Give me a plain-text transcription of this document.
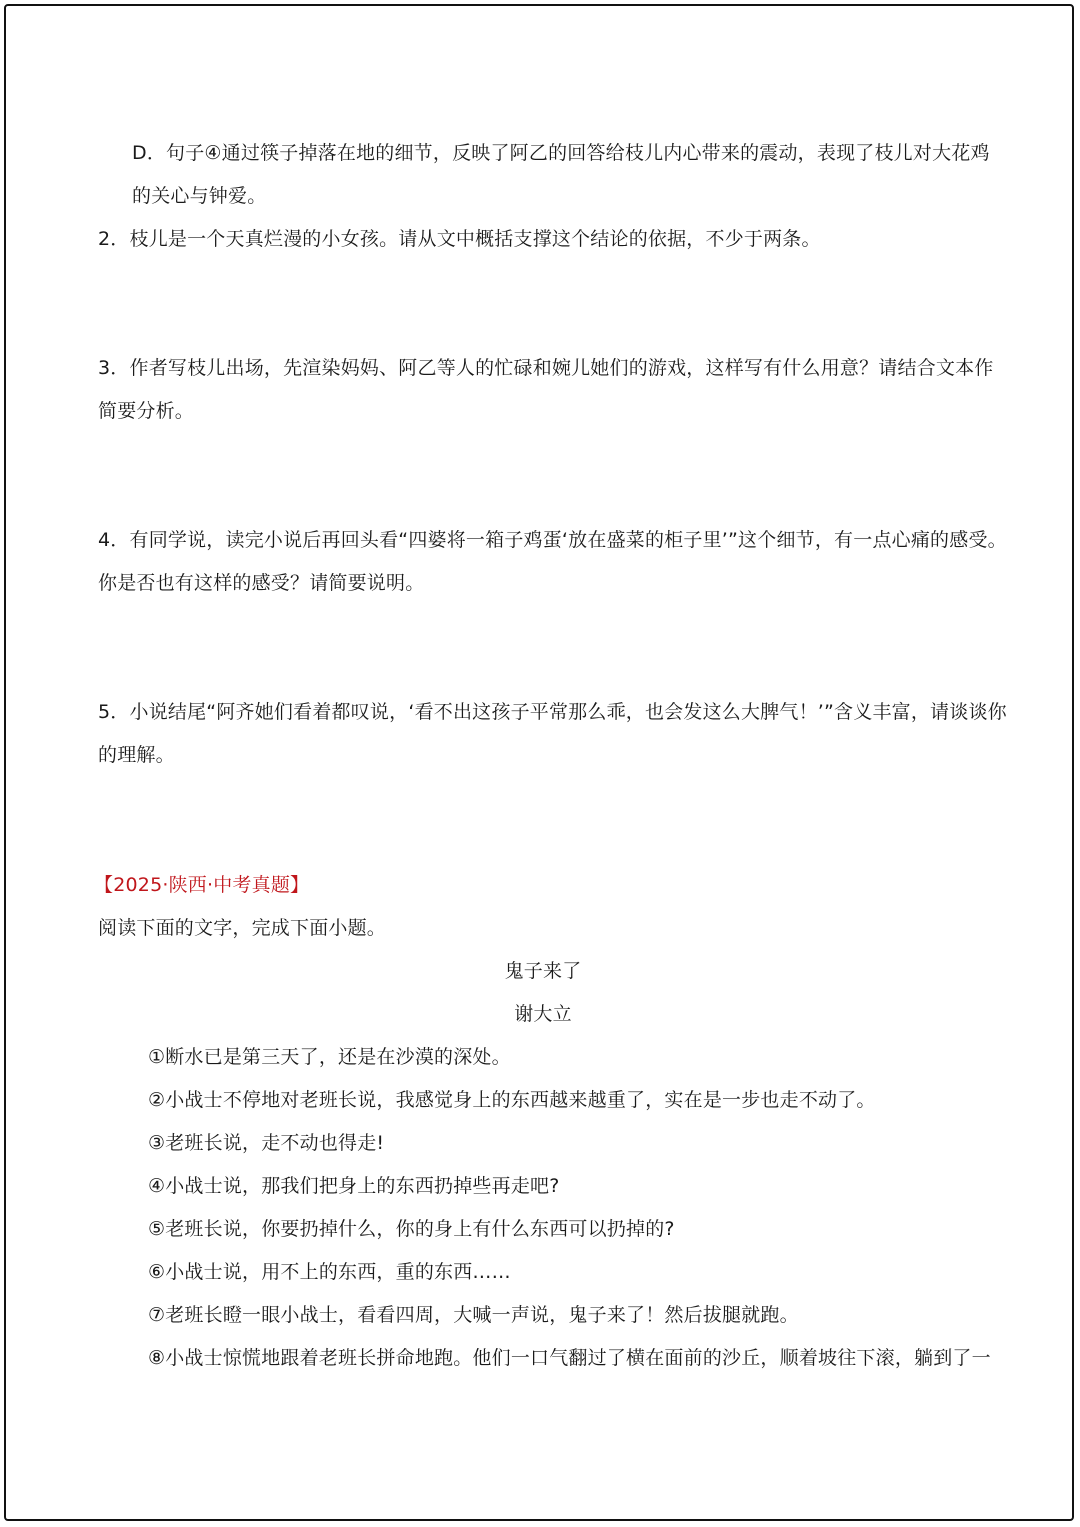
D．句子④通过筷子掉落在地的细节，反映了阿乙的回答给枝儿内心带来的震动，表现了枝儿对大花鸡
的关心与钟爱。
2．枝儿是一个天真烂漫的小女孩。请从文中概括支撑这个结论的依据，不少于两条。
3．作者写枝儿出场，先渲染妈妈、阿乙等人的忙碌和婉儿她们的游戏，这样写有什么用意？请结合文本作
简要分析。
4．有同学说，读完小说后再回头看“四婆将一箱子鸡蛋‘放在盛菜的柜子里’”这个细节，有一点心痛的感受。
你是否也有这样的感受？请简要说明。
5．小说结尾“阿齐她们看着都叹说，‘看不出这孩子平常那么乖，也会发这么大脾气！’”含义丰富，请谈谈你
的理解。
【2025·陕西·中考真题】
阅读下面的文字，完成下面小题。
鬼子来了
谢大立
①断水已是第三天了，还是在沙漠的深处。
②小战士不停地对老班长说，我感觉身上的东西越来越重了，实在是一步也走不动了。
③老班长说，走不动也得走!
④小战士说，那我们把身上的东西扔掉些再走吧?
⑤老班长说，你要扔掉什么，你的身上有什么东西可以扔掉的?
⑥小战士说，用不上的东西，重的东西……
⑦老班长瞪一眼小战士，看看四周，大喊一声说，鬼子来了！然后拔腿就跑。
⑧小战士惊慌地跟着老班长拼命地跑。他们一口气翻过了横在面前的沙丘，顺着坡往下滚，躺到了一
